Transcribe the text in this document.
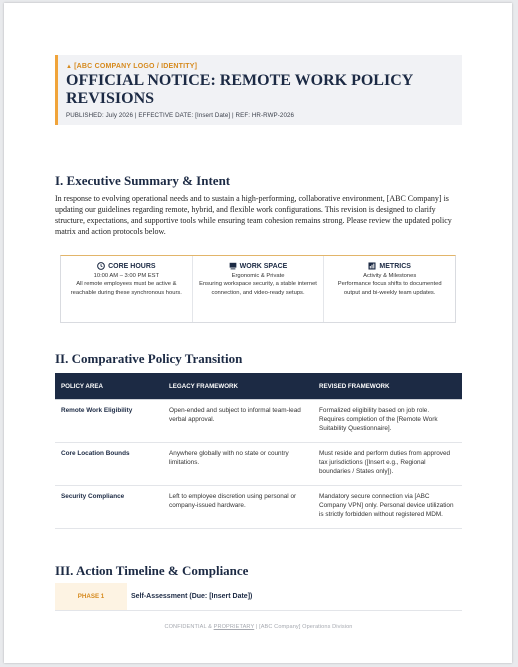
▲ [ABC COMPANY LOGO / IDENTITY]
OFFICIAL NOTICE: REMOTE WORK POLICY
REVISIONS
PUBLISHED: July 2026 | EFFECTIVE DATE: [Insert Date] | REF: HR-RWP-2026
I. Executive Summary & Intent

In response to evolving operational needs and to sustain a high-performing, collaborative environment, [ABC Company] is updating our guidelines regarding remote, hybrid, and flexible work configurations. This revision is designed to clarify structure, expectations, and supportive tools while ensuring team cohesion remains strong. Please review the updated policy matrix and action protocols below.

CORE HOURS
10:00 AM – 3:00 PM EST
All remote employees must be active & reachable during these synchronous hours.
WORK SPACE
Ergonomic & Private
Ensuring workspace security, a stable internet connection, and video-ready setups.
METRICS
Activity & Milestones
Performance focus shifts to documented output and bi-weekly team updates.
II. Comparative Policy Transition
POLICY AREA	LEGACY FRAMEWORK	REVISED FRAMEWORK
Remote Work Eligibility	Open-ended and subject to informal team-lead verbal approval.	Formalized eligibility based on job role. Requires completion of the [Remote Work Suitability Questionnaire].
Core Location Bounds	Anywhere globally with no state or country limitations.	Must reside and perform duties from approved tax jurisdictions ([Insert e.g., Regional boundaries / States only]).
Security Compliance	Left to employee discretion using personal or company-issued hardware.	Mandatory secure connection via [ABC Company VPN] only. Personal device utilization is strictly forbidden without registered MDM.
III. Action Timeline & Compliance
PHASE 1	Self-Assessment (Due: [Insert Date])
CONFIDENTIAL & PROPRIETARY | [ABC Company] Operations Division
